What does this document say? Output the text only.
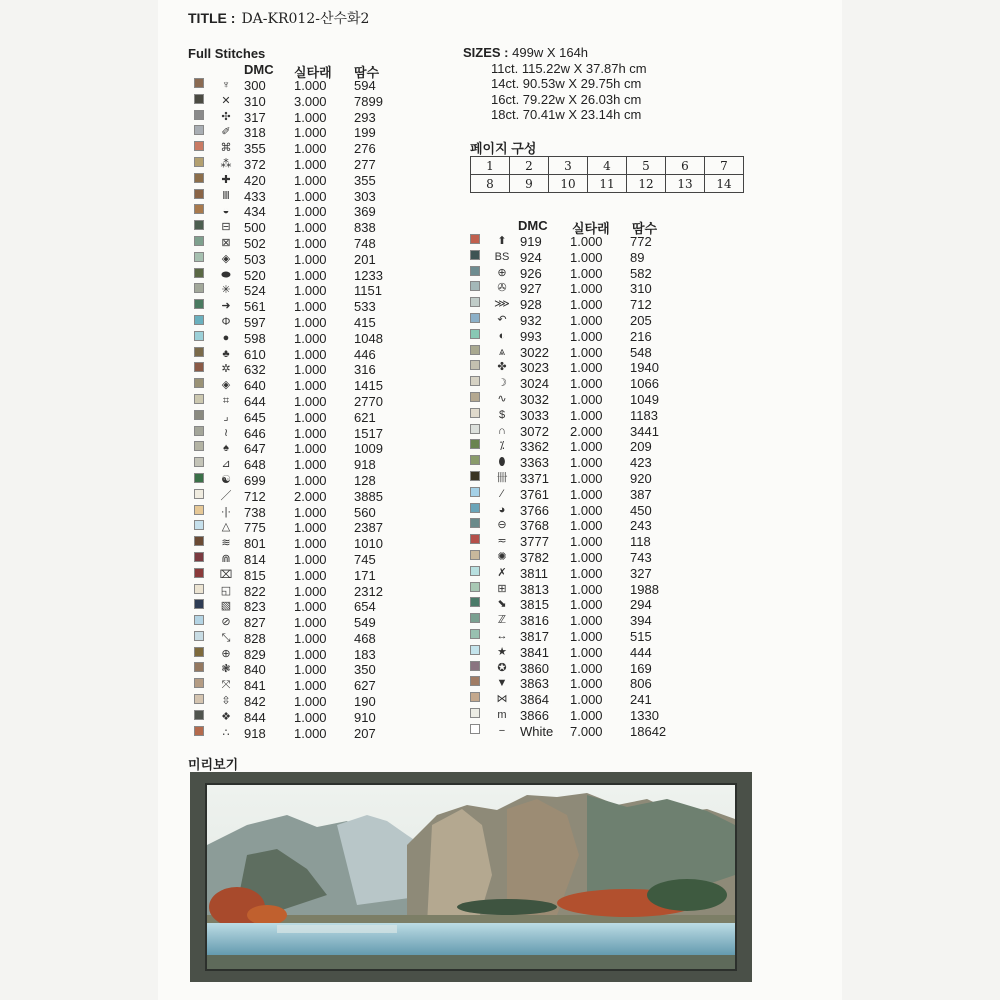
TITLE : DA-KR012-산수화2
Full Stitches
DMC 실타래 땀수
♆ 300 1.000 594
✕ 310 3.000 7899
✣ 317 1.000 293
✐ 318 1.000 199
⌘ 355 1.000 276
⁂ 372 1.000 277
✚ 420 1.000 355
Ⅲ	433 1.000 303
◒	434 1.000 369
⊟ 500 1.000 838
⊠ 502 1.000 748
◈ 503 1.000 201
⬬ 520 1.000 1233
✳ 524 1.000 1151
➜ 561 1.000 533
Φ 597 1.000 415
●	598 1.000 1048
♣	610 1.000 446
✲ 632 1.000 316
◈ 640 1.000 1415
⌗	644 1.000 2770
⌟	645 1.000 621
≀	646 1.000 1517
♠	647 1.000 1009
⊿ 648 1.000 918
☯ 699 1.000 128
／ 712 2.000 3885
·|· 738 1.000 560
△ 775 1.000 2387
≋ 801 1.000 1010
⋒ 814 1.000 745
⌧ 815 1.000 171
◱ 822 1.000 2312
▧ 823 1.000 654
⊘ 827 1.000 549
⤡ 828 1.000 468
⊕ 829 1.000 183
❃ 840 1.000 350
⤧ 841 1.000 627
⇳ 842 1.000 190
❖ 844 1.000 910
∴	918 1.000 207
SIZES : 499w X 164h
11ct. 115.22w X 37.87h cm
14ct. 90.53w X 29.75h cm
16ct. 79.22w X 26.03h cm
18ct. 70.41w X 23.14h cm
페이지 구성
1	2	3	4	5	6	7
8	9	10	11	12	13	14
DMC 실타래 땀수
⬆ 919 1.000 772
BS 924 1.000 89
⊕ 926 1.000 582
✇ 927 1.000 310
⋙ 928 1.000 712
↶ 932 1.000 205
◐	993 1.000 216
⩓	3022 1.000 548
✤ 3023 1.000 1940
☽ 3024 1.000 1066
∿ 3032 1.000 1049
$	3033 1.000 1183
∩	3072 2.000 3441
⁒	3362 1.000 209
⬮	3363 1.000 423
卌 3371 1.000 920
⁄	3761 1.000 387
◕	3766 1.000 450
⊖ 3768 1.000 243
≂ 3777 1.000 118
✺ 3782 1.000 743
✗ 3811 1.000 327
⊞ 3813 1.000 1988
⬊ 3815 1.000 294
ℤ	3816 1.000 394
↔ 3817 1.000 515
★ 3841 1.000 444
✪ 3860 1.000 169
▼ 3863 1.000 806
⋈ 3864 1.000 241
m 3866 1.000 1330
−	White 7.000 18642
미리보기
